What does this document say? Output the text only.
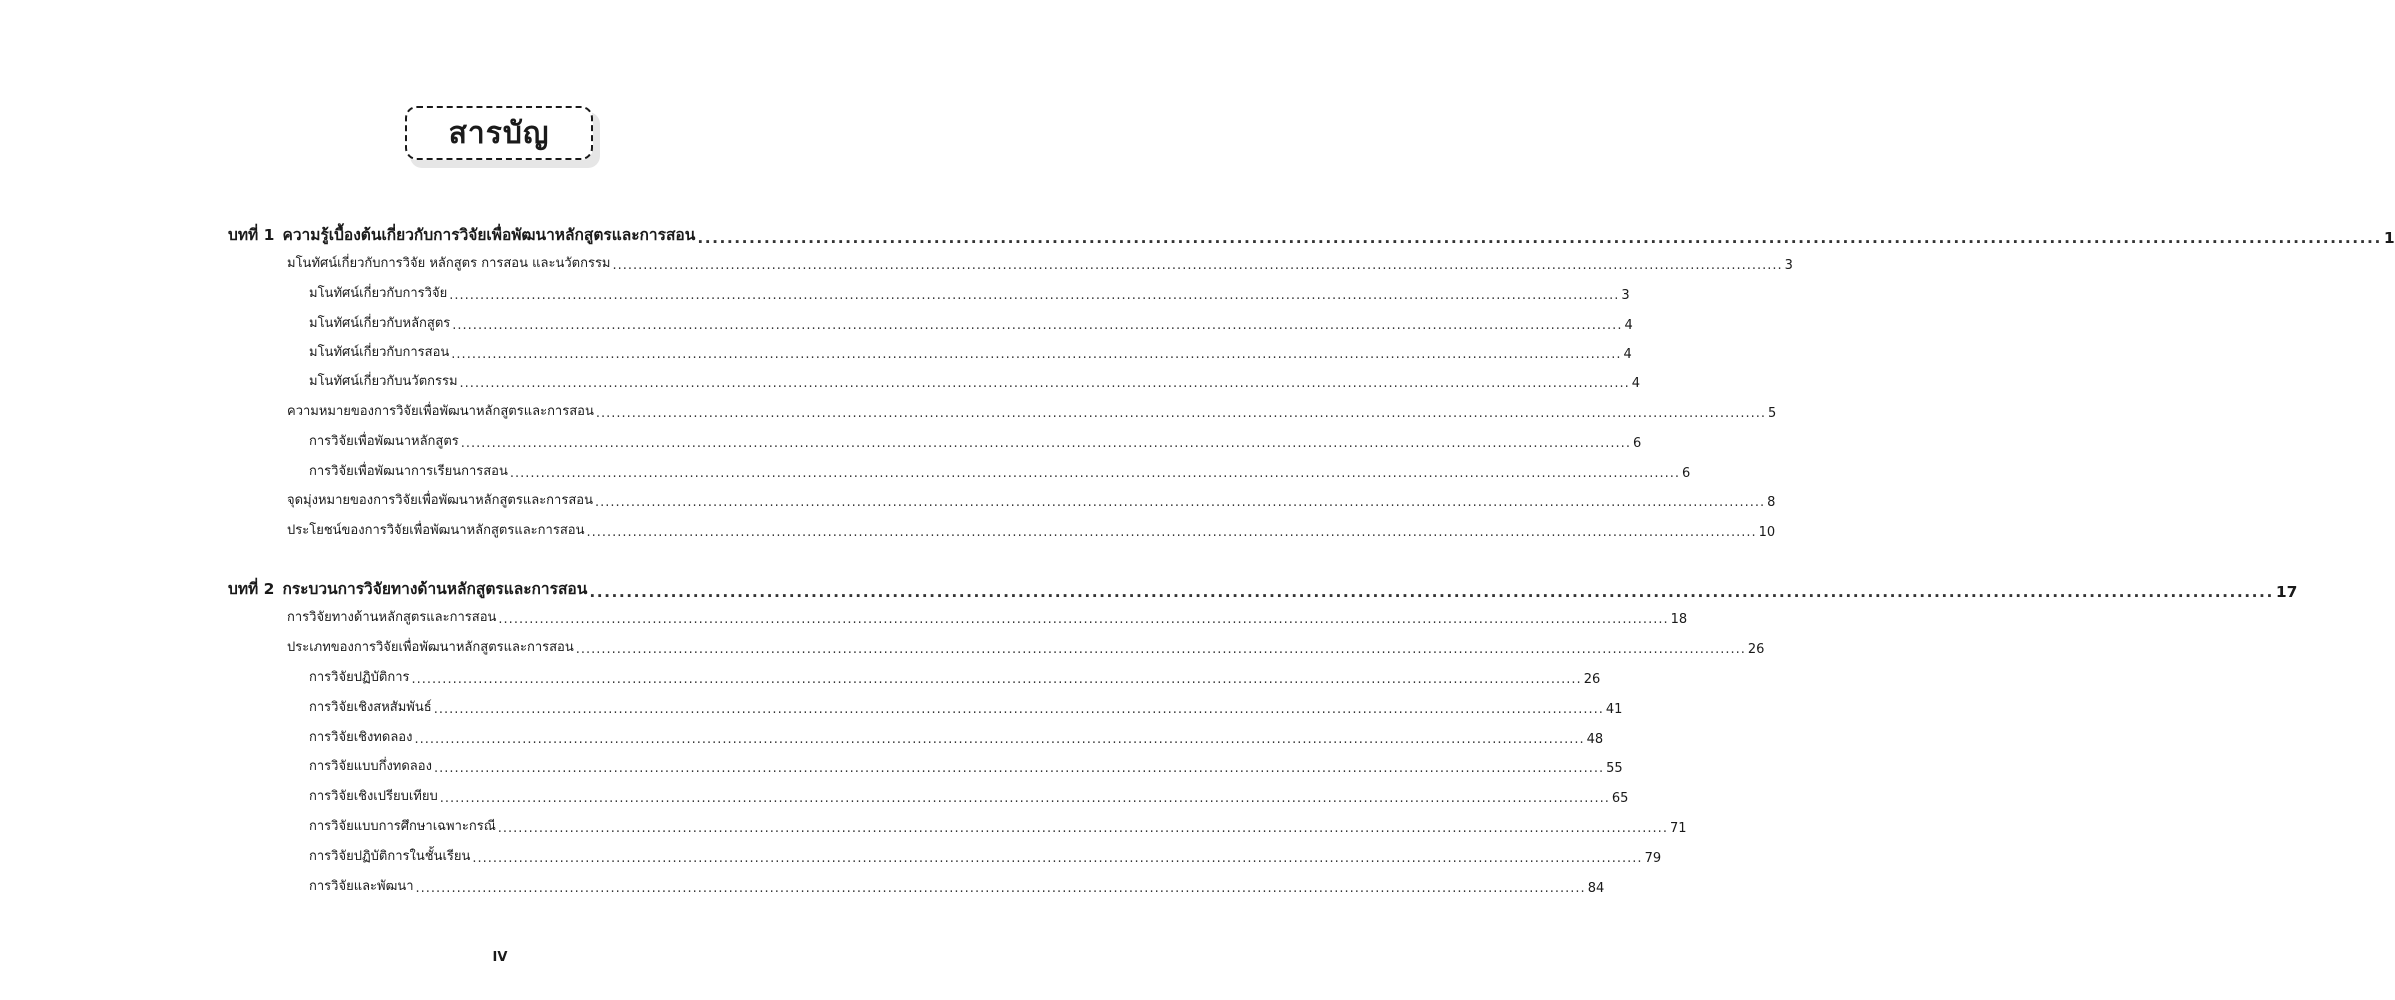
สารบัญ
บทที่ 1 ความรู้เบื้องต้นเกี่ยวกับการวิจัยเพื่อพัฒนาหลักสูตรและการสอน .................................................................................................................................................................................................................................... 1
มโนทัศน์เกี่ยวกับการวิจัย หลักสูตร การสอน และนวัตกรรม .................................................................................................................................................................................................................................... 3
มโนทัศน์เกี่ยวกับการวิจัย .................................................................................................................................................................................................................................... 3
มโนทัศน์เกี่ยวกับหลักสูตร .................................................................................................................................................................................................................................... 4
มโนทัศน์เกี่ยวกับการสอน .................................................................................................................................................................................................................................... 4
มโนทัศน์เกี่ยวกับนวัตกรรม .................................................................................................................................................................................................................................... 4
ความหมายของการวิจัยเพื่อพัฒนาหลักสูตรและการสอน .................................................................................................................................................................................................................................... 5
การวิจัยเพื่อพัฒนาหลักสูตร .................................................................................................................................................................................................................................... 6
การวิจัยเพื่อพัฒนาการเรียนการสอน .................................................................................................................................................................................................................................... 6
จุดมุ่งหมายของการวิจัยเพื่อพัฒนาหลักสูตรและการสอน .................................................................................................................................................................................................................................... 8
ประโยชน์ของการวิจัยเพื่อพัฒนาหลักสูตรและการสอน .................................................................................................................................................................................................................................... 10
บทที่ 2 กระบวนการวิจัยทางด้านหลักสูตรและการสอน .................................................................................................................................................................................................................................... 17
การวิจัยทางด้านหลักสูตรและการสอน .................................................................................................................................................................................................................................... 18
ประเภทของการวิจัยเพื่อพัฒนาหลักสูตรและการสอน .................................................................................................................................................................................................................................... 26
การวิจัยปฏิบัติการ .................................................................................................................................................................................................................................... 26
การวิจัยเชิงสหสัมพันธ์ .................................................................................................................................................................................................................................... 41
การวิจัยเชิงทดลอง .................................................................................................................................................................................................................................... 48
การวิจัยแบบกึ่งทดลอง .................................................................................................................................................................................................................................... 55
การวิจัยเชิงเปรียบเทียบ .................................................................................................................................................................................................................................... 65
การวิจัยแบบการศึกษาเฉพาะกรณี .................................................................................................................................................................................................................................... 71
การวิจัยปฏิบัติการในชั้นเรียน .................................................................................................................................................................................................................................... 79
การวิจัยและพัฒนา .................................................................................................................................................................................................................................... 84
IV
